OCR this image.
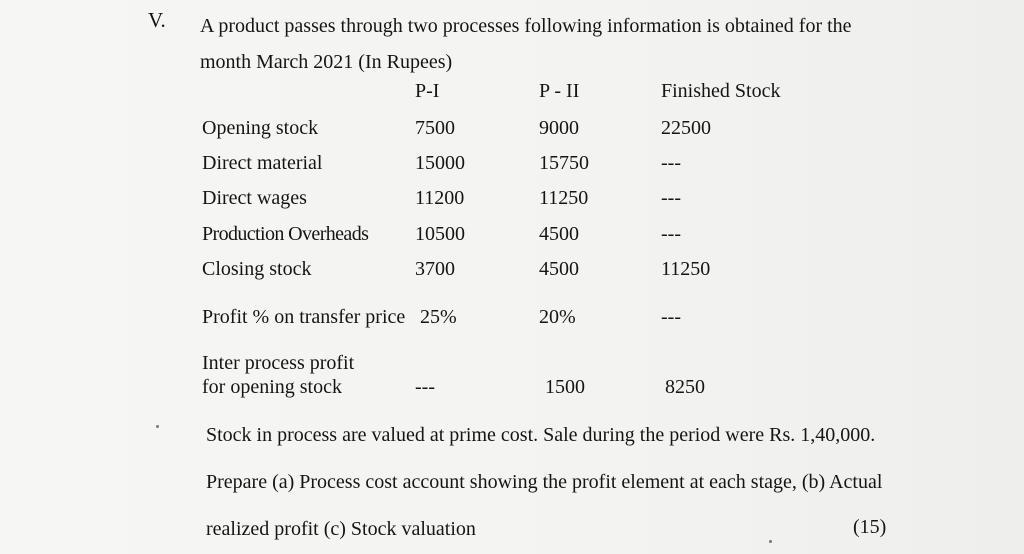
V. A product passes through two processes following information is obtained for the
month March 2021 (In Rupees)
P-I	P - II	Finished Stock
Opening stock	7500	9000	22500
Direct material	15000	15750	---
Direct wages	11200	11250	---
Production Overheads 10500	4500	---
Closing stock	3700	4500	11250
Profit % on transfer price 25%	20%	---
Inter process profit
for opening stock	---	1500	8250
Stock in process are valued at prime cost. Sale during the period were Rs. 1,40,000.
Prepare (a) Process cost account showing the profit element at each stage, (b) Actual
realized profit (c) Stock valuation	(15)
